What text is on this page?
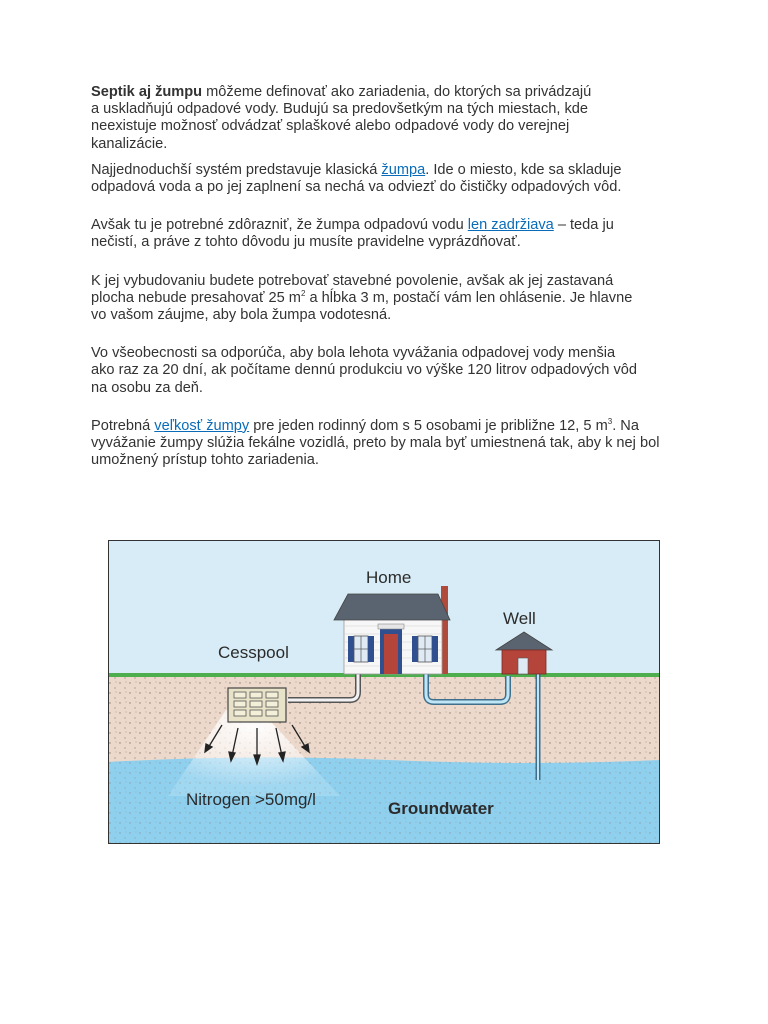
Septik aj žumpu môžeme definovať ako zariadenia, do ktorých sa privádzajú
a uskladňujú odpadové vody. Budujú sa predovšetkým na tých miestach, kde
neexistuje možnosť odvádzať splaškové alebo odpadové vody do verejnej
kanalizácie.

Najjednoduchší systém predstavuje klasická žumpa. Ide o miesto, kde sa skladuje
odpadová voda a po jej zaplnení sa nechá va odviezť do čističky odpadových vôd.

Avšak tu je potrebné zdôrazniť, že žumpa odpadovú vodu len zadržiava – teda ju
nečistí, a práve z tohto dôvodu ju musíte pravidelne vyprázdňovať.

K jej vybudovaniu budete potrebovať stavebné povolenie, avšak ak jej zastavaná
plocha nebude presahovať 25 $m^2$ a hĺbka 3 m, postačí vám len ohlásenie. Je hlavne
vo vašom záujme, aby bola žumpa vodotesná.

Vo všeobecnosti sa odporúča, aby bola lehota vyvážania odpadovej vody menšia
ako raz za 20 dní, ak počítame dennú produkciu vo výške 120 litrov odpadových vôd
na osobu za deň.

Potrebná veľkosť žumpy pre jeden rodinný dom s 5 osobami je približne 12, 5 $m^3$. Na
vyvážanie žumpy slúžia fekálne vozidlá, preto by mala byť umiestnená tak, aby k nej bol
umožnený prístup tohto zariadenia.

Home
Well
Cesspool
Nitrogen >50mg/l	Groundwater
